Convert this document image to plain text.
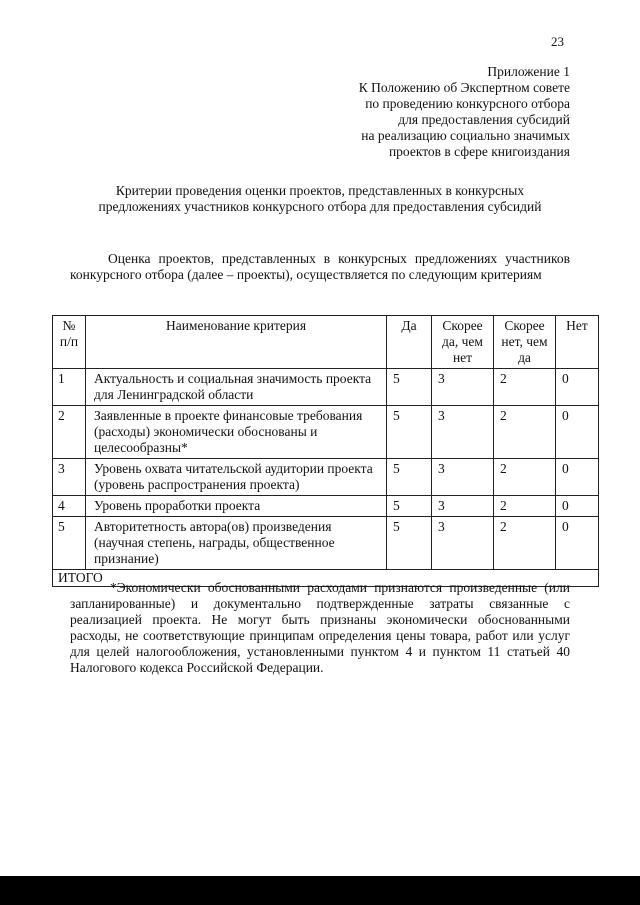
23
Приложение 1
К Положению об Экспертном совете
по проведению конкурсного отбора
для предоставления субсидий
на реализацию социально значимых
проектов в сфере книгоиздания
Критерии проведения оценки проектов, представленных в конкурсных
предложениях участников конкурсного отбора для предоставления субсидий

Оценка проектов, представленных в конкурсных предложениях участников конкурсного отбора (далее – проекты), осуществляется по следующим критериям

№ п/п	Наименование критерия	Да	Скорее да, чем нет	Скорее нет, чем да	Нет
1	Актуальность и социальная значимость проекта для Ленинградской области	5	3	2	0
2	Заявленные в проекте финансовые требования (расходы) экономически обоснованы и целесообразны*	5	3	2	0
3	Уровень охвата читательской аудитории проекта (уровень распространения проекта)	5	3	2	0
4	Уровень проработки проекта	5	3	2	0
5	Авторитетность автора(ов) произведения (научная степень, награды, общественное признание)	5	3	2	0
ИТОГО					

*Экономически обоснованными расходами признаются произведенные (или запланированные) и документально подтвержденные затраты связанные с реализацией проекта. Не могут быть признаны экономически обоснованными расходы, не соответствующие принципам определения цены товара, работ или услуг для целей налогообложения, установленными пунктом 4 и пунктом 11 статьей 40 Налогового кодекса Российской Федерации.
